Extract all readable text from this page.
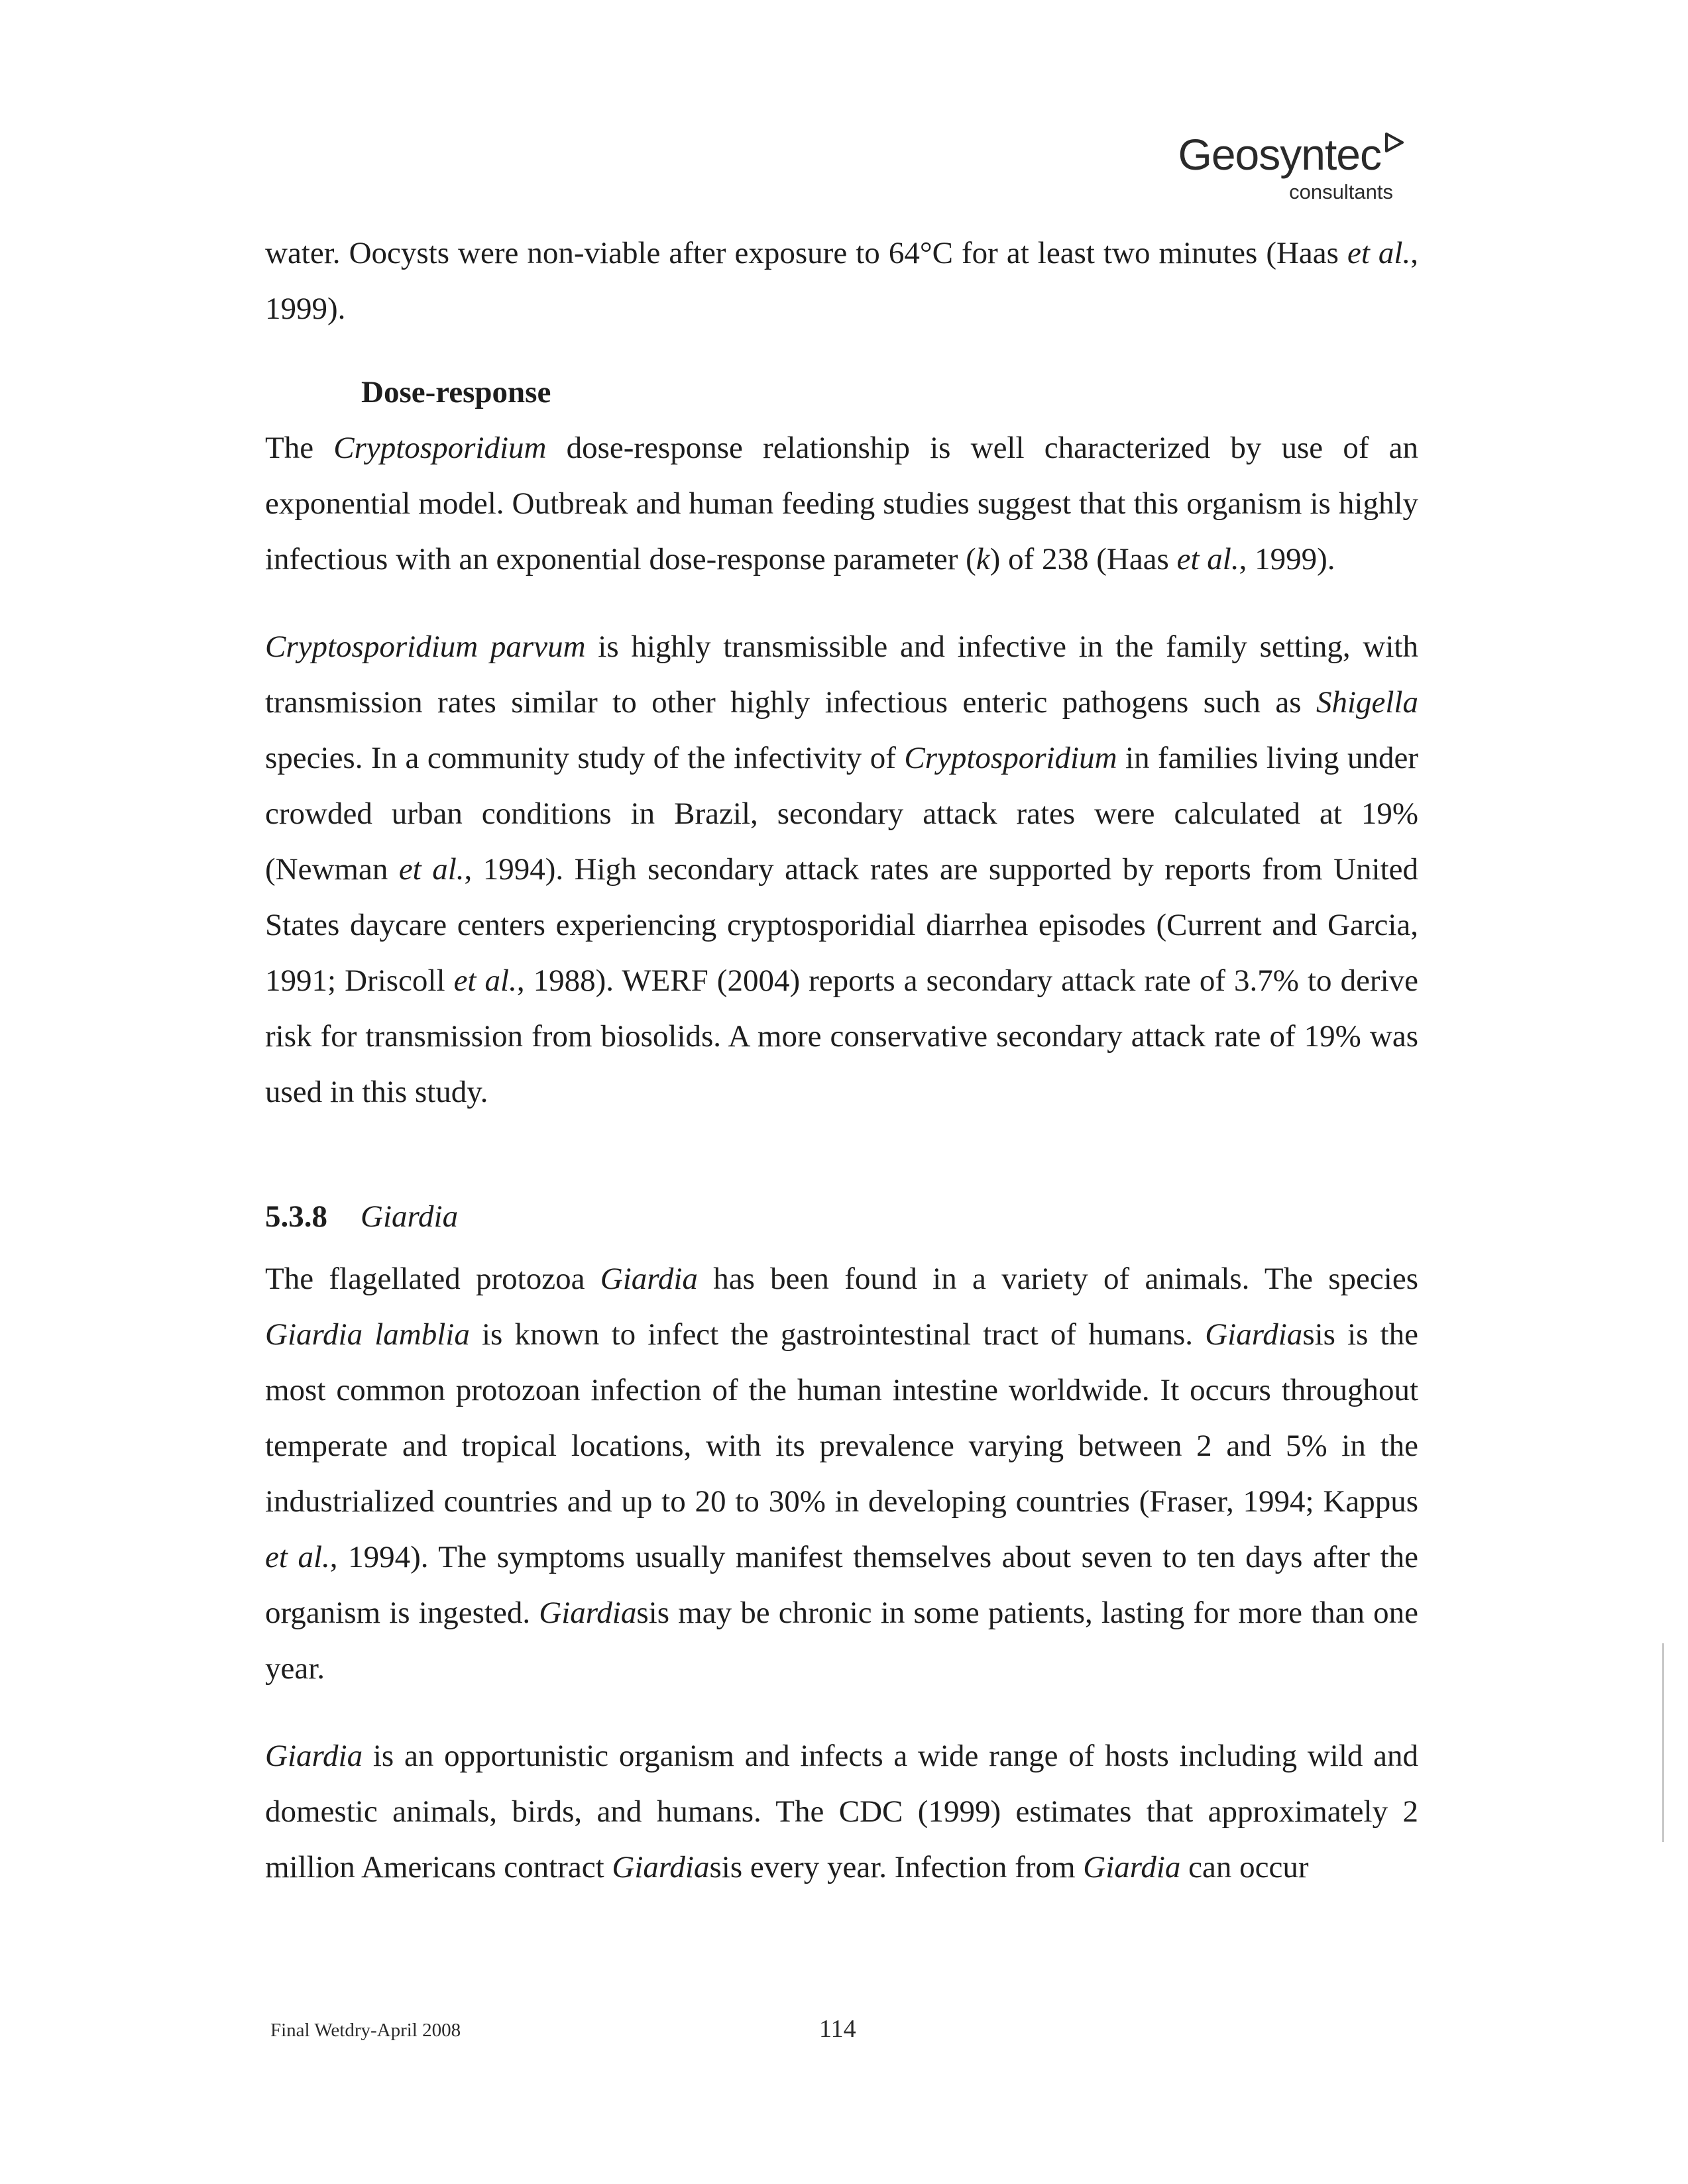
Geosyntec
consultants

water. Oocysts were non-viable after exposure to 64°C for at least two minutes (Haas et al., 1999).

Dose-response

The Cryptosporidium dose-response relationship is well characterized by use of an exponential model. Outbreak and human feeding studies suggest that this organism is highly infectious with an exponential dose-response parameter (k) of 238 (Haas et al., 1999).

Cryptosporidium parvum is highly transmissible and infective in the family setting, with transmission rates similar to other highly infectious enteric pathogens such as Shigella species. In a community study of the infectivity of Cryptosporidium in families living under crowded urban conditions in Brazil, secondary attack rates were calculated at 19% (Newman et al., 1994). High secondary attack rates are supported by reports from United States daycare centers experiencing cryptosporidial diarrhea episodes (Current and Garcia, 1991; Driscoll et al., 1988). WERF (2004) reports a secondary attack rate of 3.7% to derive risk for transmission from biosolids. A more conservative secondary attack rate of 19% was used in this study.

5.3.8 Giardia

The flagellated protozoa Giardia has been found in a variety of animals. The species Giardia lamblia is known to infect the gastrointestinal tract of humans. Giardiasis is the most common protozoan infection of the human intestine worldwide. It occurs throughout temperate and tropical locations, with its prevalence varying between 2 and 5% in the industrialized countries and up to 20 to 30% in developing countries (Fraser, 1994; Kappus et al., 1994). The symptoms usually manifest themselves about seven to ten days after the organism is ingested. Giardiasis may be chronic in some patients, lasting for more than one year.

Giardia is an opportunistic organism and infects a wide range of hosts including wild and domestic animals, birds, and humans. The CDC (1999) estimates that approximately 2 million Americans contract Giardiasis every year. Infection from Giardia can occur

Final Wetdry-April 2008	114
